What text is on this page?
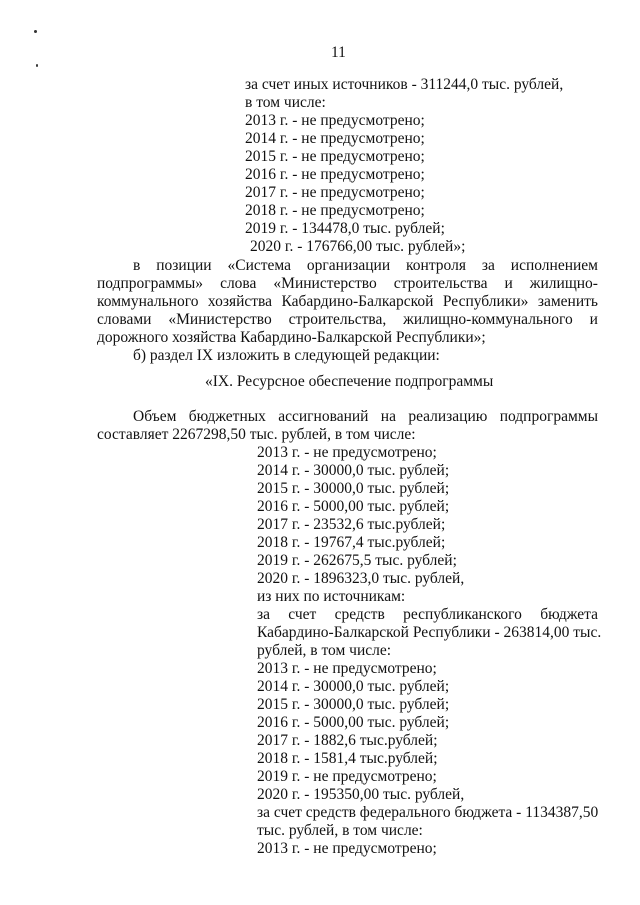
11
за счет иных источников - 311244,0 тыс. рублей,
в том числе:
2013 г. - не предусмотрено;
2014 г. - не предусмотрено;
2015 г. - не предусмотрено;
2016 г. - не предусмотрено;
2017 г. - не предусмотрено;
2018 г. - не предусмотрено;
2019 г. - 134478,0 тыс. рублей;
2020 г. - 176766,00 тыс. рублей»;
в позиции «Система организации контроля за исполнением
подпрограммы» слова «Министерство строительства и жилищно-
коммунального хозяйства Кабардино-Балкарской Республики» заменить
словами «Министерство строительства, жилищно-коммунального и
дорожного хозяйства Кабардино-Балкарской Республики»;
б) раздел IX изложить в следующей редакции:
«IX. Ресурсное обеспечение подпрограммы
Объем бюджетных ассигнований на реализацию подпрограммы
составляет 2267298,50 тыс. рублей, в том числе:
2013 г. - не предусмотрено;
2014 г. - 30000,0 тыс. рублей;
2015 г. - 30000,0 тыс. рублей;
2016 г. - 5000,00 тыс. рублей;
2017 г. - 23532,6 тыс.рублей;
2018 г. - 19767,4 тыс.рублей;
2019 г. - 262675,5 тыс. рублей;
2020 г. - 1896323,0 тыс. рублей,
из них по источникам:
за счет средств республиканского бюджета
Кабардино-Балкарской Республики - 263814,00 тыс.
рублей, в том числе:
2013 г. - не предусмотрено;
2014 г. - 30000,0 тыс. рублей;
2015 г. - 30000,0 тыс. рублей;
2016 г. - 5000,00 тыс. рублей;
2017 г. - 1882,6 тыс.рублей;
2018 г. - 1581,4 тыс.рублей;
2019 г. - не предусмотрено;
2020 г. - 195350,00 тыс. рублей,
за счет средств федерального бюджета - 1134387,50
тыс. рублей, в том числе:
2013 г. - не предусмотрено;
